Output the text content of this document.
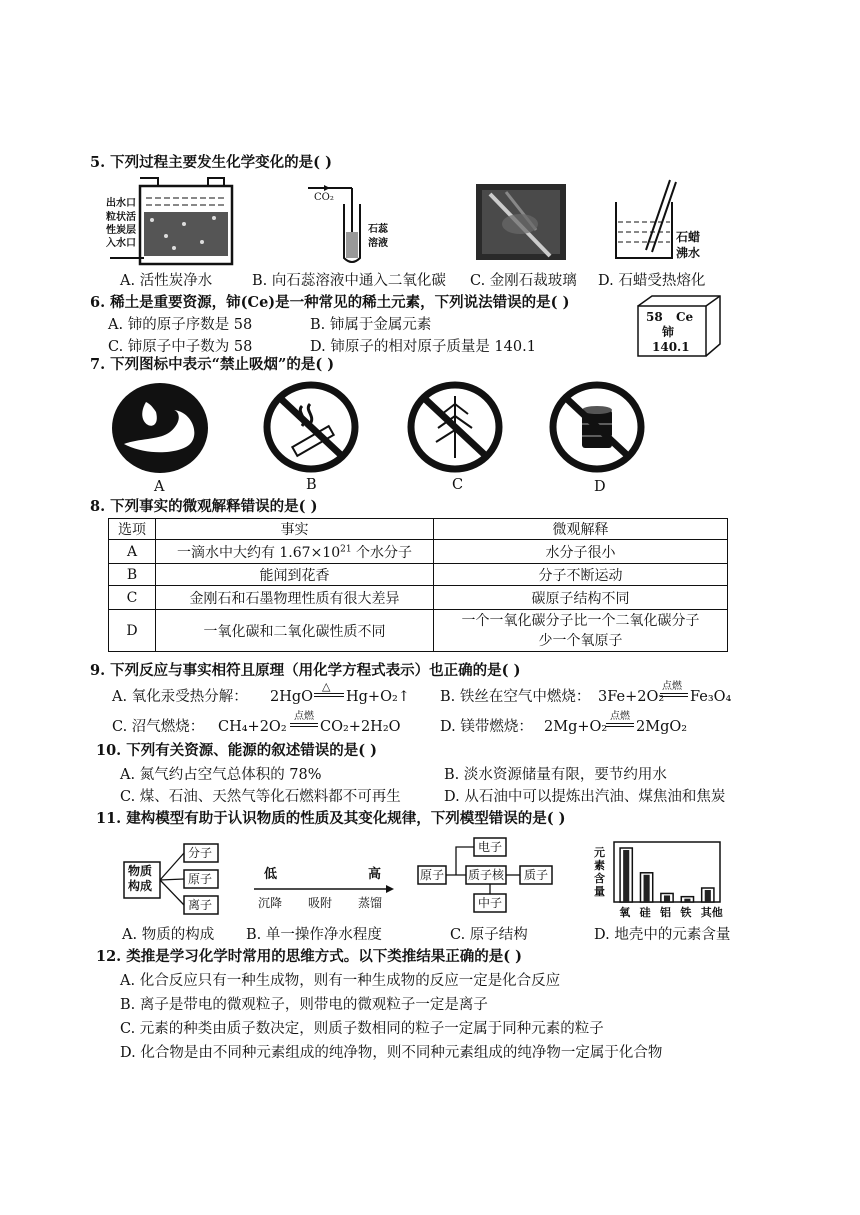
5. 下列过程主要发生化学变化的是( )
出水口
粒状活
性炭层
入水口
CO₂
石蕊
溶液	石蜡
沸水
A. 活性炭净水	B. 向石蕊溶液中通入二氧化碳 C. 金刚石裁玻璃 D. 石蜡受热熔化
6. 稀土是重要资源，铈(Ce)是一种常见的稀土元素，下列说法错误的是( )
A. 铈的原子序数是 58	B. 铈属于金属元素
C. 铈原子中子数为 58	D. 铈原子的相对原子质量是 140.1
58 Ce
铈
140.1
7. 下列图标中表示“禁止吸烟”的是( )
A	B	C	D
8. 下列事实的微观解释错误的是( )
选项	事实	微观解释
A	一滴水中大约有 $1.67\times 10^{21}$ 个水分子	水分子很小
B	能闻到花香	分子不断运动
C	金刚石和石墨物理性质有很大差异	碳原子结构不同
D	一氧化碳和二氧化碳性质不同	一个一氧化碳分子比一个二氧化碳分子
少一个氧原子
9. 下列反应与事实相符且原理（用化学方程式表示）也正确的是( )
A. 氧化汞受热分解： 2HgO
△
Hg+O₂↑ B. 铁丝在空气中燃烧： 3Fe+2O₂
点燃
Fe₃O₄
C. 沼气燃烧： CH₄+2O₂
点燃
CO₂+2H₂O	D. 镁带燃烧： 2Mg+O₂
点燃
2MgO₂
10. 下列有关资源、能源的叙述错误的是( )
A. 氮气约占空气总体积的 78%	B. 淡水资源储量有限，要节约用水
C. 煤、石油、天然气等化石燃料都不可再生	D. 从石油中可以提炼出汽油、煤焦油和焦炭
11. 建构模型有助于认识物质的性质及其变化规律，下列模型错误的是( )
物质构成
分子
原子
离子
低	高
沉降 吸附 蒸馏
原子
电子
质子核 质子
中子
元素含量
氧 硅 铝 铁 其他
A. 物质的构成 B. 单一操作净水程度	C. 原子结构	D. 地壳中的元素含量
12. 类推是学习化学时常用的思维方式。以下类推结果正确的是( )
A. 化合反应只有一种生成物，则有一种生成物的反应一定是化合反应
B. 离子是带电的微观粒子，则带电的微观粒子一定是离子
C. 元素的种类由质子数决定，则质子数相同的粒子一定属于同种元素的粒子
D. 化合物是由不同种元素组成的纯净物，则不同种元素组成的纯净物一定属于化合物
